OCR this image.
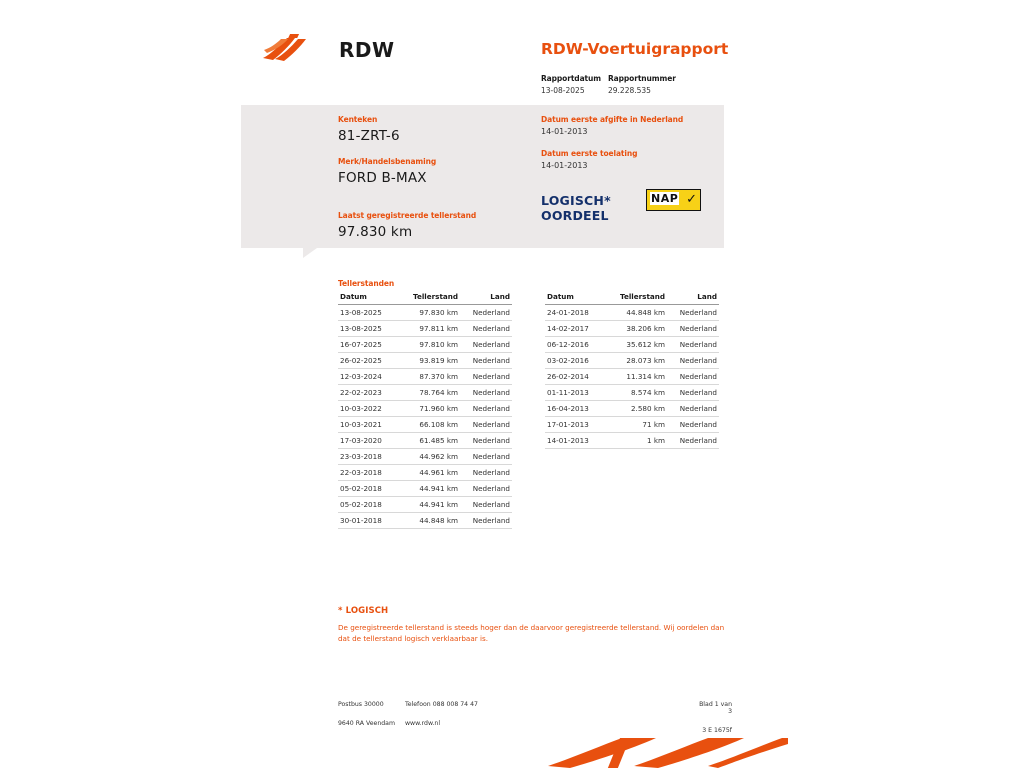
RDW	RDW-Voertuigrapport
Rapportdatum
13-08-2025
Rapportnummer
29.228.535
Kenteken
81-ZRT-6
Merk/Handelsbenaming
FORD B-MAX
Laatst geregistreerde tellerstand
97.830 km
Datum eerste afgifte in Nederland
14-01-2013
Datum eerste toelating
14-01-2013
LOGISCH*
OORDEEL
NAP ✓
Tellerstanden
Datum	Tellerstand	Land
13-08-2025	97.830 km	Nederland
13-08-2025	97.811 km	Nederland
16-07-2025	97.810 km	Nederland
26-02-2025	93.819 km	Nederland
12-03-2024	87.370 km	Nederland
22-02-2023	78.764 km	Nederland
10-03-2022	71.960 km	Nederland
10-03-2021	66.108 km	Nederland
17-03-2020	61.485 km	Nederland
23-03-2018	44.962 km	Nederland
22-03-2018	44.961 km	Nederland
05-02-2018	44.941 km	Nederland
05-02-2018	44.941 km	Nederland
30-01-2018	44.848 km	Nederland
Datum	Tellerstand	Land
24-01-2018	44.848 km	Nederland
14-02-2017	38.206 km	Nederland
06-12-2016	35.612 km	Nederland
03-02-2016	28.073 km	Nederland
26-02-2014	11.314 km	Nederland
01-11-2013	8.574 km	Nederland
16-04-2013	2.580 km	Nederland
17-01-2013	71 km	Nederland
14-01-2013	1 km	Nederland
* LOGISCH
De geregistreerde tellerstand is steeds hoger dan de daarvoor geregistreerde tellerstand. Wij oordelen dan dat de tellerstand logisch verklaarbaar is.
Postbus 30000
9640 RA Veendam
Telefoon 088 008 74 47
www.rdw.nl
Blad 1 van 3
3 E 1675f
